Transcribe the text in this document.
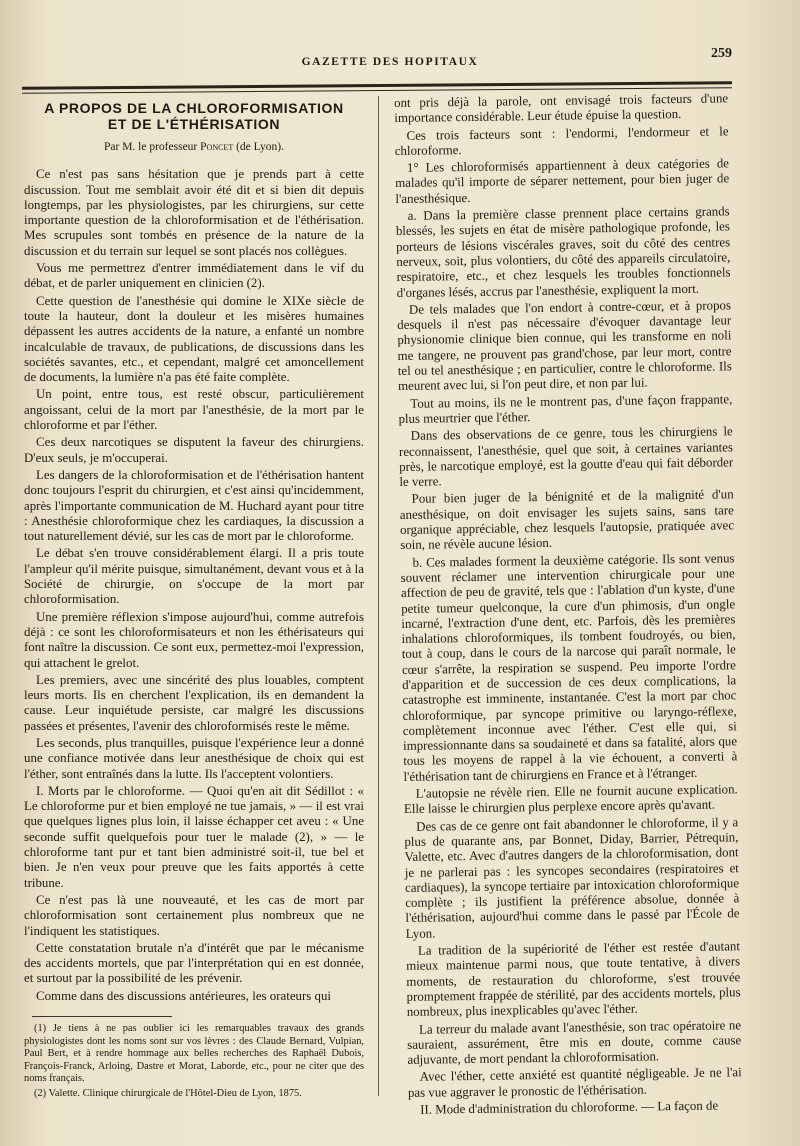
GAZETTE DES HOPITAUX
259
A PROPOS DE LA CHLOROFORMISATION
ET DE L'ÉTHÉRISATION
Par M. le professeur Poncet (de Lyon).

Ce n'est pas sans hésitation que je prends part à cette discussion. Tout me semblait avoir été dit et si bien dit depuis longtemps, par les physiologistes, par les chirurgiens, sur cette importante question de la chloroformisation et de l'éthérisation. Mes scrupules sont tombés en présence de la nature de la discussion et du terrain sur lequel se sont placés nos collègues.

Vous me permettrez d'entrer immédiatement dans le vif du débat, et de parler uniquement en clinicien (2).

Cette question de l'anesthésie qui domine le XIXe siècle de toute la hauteur, dont la douleur et les misères humaines dépassent les autres accidents de la nature, a enfanté un nombre incalculable de travaux, de publications, de discussions dans les sociétés savantes, etc., et cependant, malgré cet amoncellement de documents, la lumière n'a pas été faite complète.

Un point, entre tous, est resté obscur, particulièrement angoissant, celui de la mort par l'anesthésie, de la mort par le chloroforme et par l'éther.

Ces deux narcotiques se disputent la faveur des chirurgiens. D'eux seuls, je m'occuperai.

Les dangers de la chloroformisation et de l'éthérisation hantent donc toujours l'esprit du chirurgien, et c'est ainsi qu'incidemment, après l'importante communication de M. Huchard ayant pour titre : Anesthésie chloroformique chez les cardiaques, la discussion a tout naturellement dévié, sur les cas de mort par le chloroforme.

Le débat s'en trouve considérablement élargi. Il a pris toute l'ampleur qu'il mérite puisque, simultanément, devant vous et à la Société de chirurgie, on s'occupe de la mort par chloroformisation.

Une première réflexion s'impose aujourd'hui, comme autrefois déjà : ce sont les chloroformisateurs et non les éthérisateurs qui font naître la discussion. Ce sont eux, permettez-moi l'expression, qui attachent le grelot.

Les premiers, avec une sincérité des plus louables, comptent leurs morts. Ils en cherchent l'explication, ils en demandent la cause. Leur inquiétude persiste, car malgré les discussions passées et présentes, l'avenir des chloroformisés reste le même.

Les seconds, plus tranquilles, puisque l'expérience leur a donné une confiance motivée dans leur anesthésique de choix qui est l'éther, sont entraînés dans la lutte. Ils l'acceptent volontiers.

I. Morts par le chloroforme. — Quoi qu'en ait dit Sédillot : « Le chloroforme pur et bien employé ne tue jamais, » — il est vrai que quelques lignes plus loin, il laisse échapper cet aveu : « Une seconde suffit quelquefois pour tuer le malade (2), » — le chloroforme tant pur et tant bien administré soit-il, tue bel et bien. Je n'en veux pour preuve que les faits apportés à cette tribune.

Ce n'est pas là une nouveauté, et les cas de mort par chloroformisation sont certainement plus nombreux que ne l'indiquent les statistiques.

Cette constatation brutale n'a d'intérêt que par le mécanisme des accidents mortels, que par l'interprétation qui en est donnée, et surtout par la possibilité de les prévenir.

Comme dans des discussions antérieures, les orateurs qui

(1) Je tiens à ne pas oublier ici les remarquables travaux des grands physiologistes dont les noms sont sur vos lèvres : des Claude Bernard, Vulpian, Paul Bert, et à rendre hommage aux belles recherches des Raphaël Dubois, François-Franck, Arloing, Dastre et Morat, Laborde, etc., pour ne citer que des noms français.

(2) Valette. Clinique chirurgicale de l'Hôtel-Dieu de Lyon, 1875.

ont pris déjà la parole, ont envisagé trois facteurs d'une importance considérable. Leur étude épuise la question.

Ces trois facteurs sont : l'endormi, l'endormeur et le chloroforme.

1° Les chloroformisés appartiennent à deux catégories de malades qu'il importe de séparer nettement, pour bien juger de l'anesthésique.

a. Dans la première classe prennent place certains grands blessés, les sujets en état de misère pathologique profonde, les porteurs de lésions viscérales graves, soit du côté des centres nerveux, soit, plus volontiers, du côté des appareils circulatoire, respiratoire, etc., et chez lesquels les troubles fonctionnels d'organes lésés, accrus par l'anesthésie, expliquent la mort.

De tels malades que l'on endort à contre-cœur, et à propos desquels il n'est pas nécessaire d'évoquer davantage leur physionomie clinique bien connue, qui les transforme en noli me tangere, ne prouvent pas grand'chose, par leur mort, contre tel ou tel anesthésique ; en particulier, contre le chloroforme. Ils meurent avec lui, si l'on peut dire, et non par lui.

Tout au moins, ils ne le montrent pas, d'une façon frappante, plus meurtrier que l'éther.

Dans des observations de ce genre, tous les chirurgiens le reconnaissent, l'anesthésie, quel que soit, à certaines variantes près, le narcotique employé, est la goutte d'eau qui fait déborder le verre.

Pour bien juger de la bénignité et de la malignité d'un anesthésique, on doit envisager les sujets sains, sans tare organique appréciable, chez lesquels l'autopsie, pratiquée avec soin, ne révèle aucune lésion.

b. Ces malades forment la deuxième catégorie. Ils sont venus souvent réclamer une intervention chirurgicale pour une affection de peu de gravité, tels que : l'ablation d'un kyste, d'une petite tumeur quelconque, la cure d'un phimosis, d'un ongle incarné, l'extraction d'une dent, etc. Parfois, dès les premières inhalations chloroformiques, ils tombent foudroyés, ou bien, tout à coup, dans le cours de la narcose qui paraît normale, le cœur s'arrête, la respiration se suspend. Peu importe l'ordre d'apparition et de succession de ces deux complications, la catastrophe est imminente, instantanée. C'est la mort par choc chloroformique, par syncope primitive ou laryngo-réflexe, complètement inconnue avec l'éther. C'est elle qui, si impressionnante dans sa soudaineté et dans sa fatalité, alors que tous les moyens de rappel à la vie échouent, a converti à l'éthérisation tant de chirurgiens en France et à l'étranger.

L'autopsie ne révèle rien. Elle ne fournit aucune explication. Elle laisse le chirurgien plus perplexe encore après qu'avant.

Des cas de ce genre ont fait abandonner le chloroforme, il y a plus de quarante ans, par Bonnet, Diday, Barrier, Pétrequin, Valette, etc. Avec d'autres dangers de la chloroformisation, dont je ne parlerai pas : les syncopes secondaires (respiratoires et cardiaques), la syncope tertiaire par intoxication chloroformique complète ; ils justifient la préférence absolue, donnée à l'éthérisation, aujourd'hui comme dans le passé par l'École de Lyon.

La tradition de la supériorité de l'éther est restée d'autant mieux maintenue parmi nous, que toute tentative, à divers moments, de restauration du chloroforme, s'est trouvée promptement frappée de stérilité, par des accidents mortels, plus nombreux, plus inexplicables qu'avec l'éther.

La terreur du malade avant l'anesthésie, son trac opératoire ne sauraient, assurément, être mis en doute, comme cause adjuvante, de mort pendant la chloroformisation.

Avec l'éther, cette anxiété est quantité négligeable. Je ne l'ai pas vue aggraver le pronostic de l'éthérisation.

II. Mode d'administration du chloroforme. — La façon de
